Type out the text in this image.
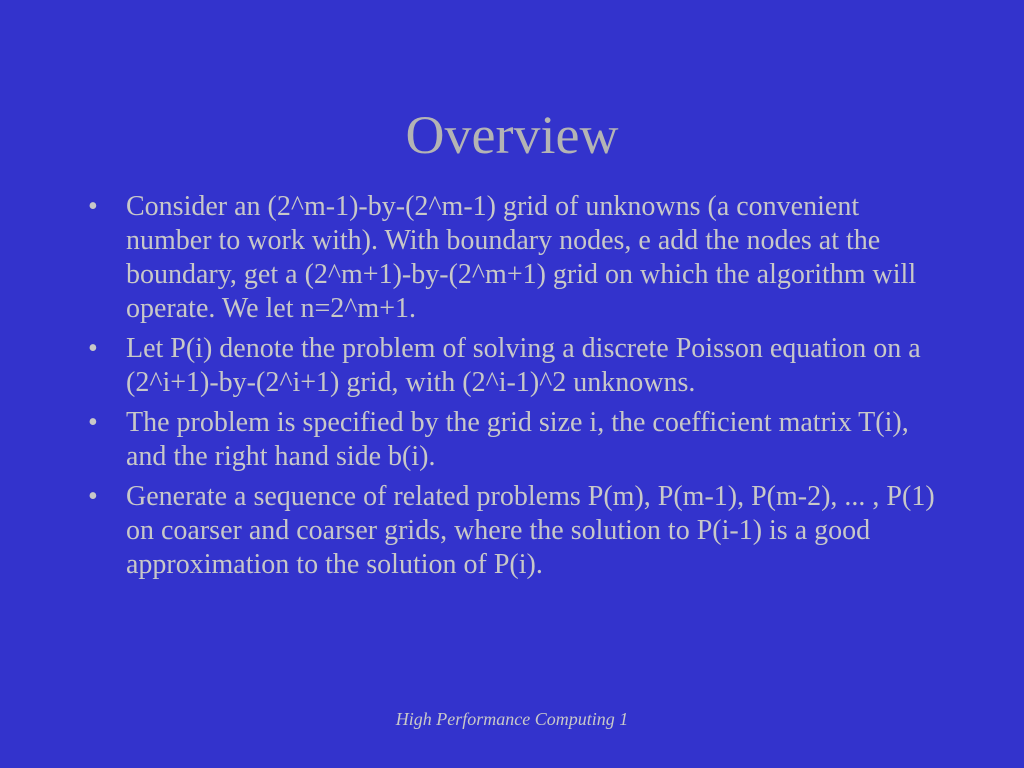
Overview
• Consider an (2^m-1)-by-(2^m-1) grid of unknowns (a convenient number to work with). With boundary nodes, e add the nodes at the boundary, get a (2^m+1)-by-(2^m+1) grid on which the algorithm will operate. We let n=2^m+1.
• Let P(i) denote the problem of solving a discrete Poisson equation on a (2^i+1)-by-(2^i+1) grid, with (2^i-1)^2 unknowns.
• The problem is specified by the grid size i, the coefficient matrix T(i), and the right hand side b(i).
• Generate a sequence of related problems P(m), P(m-1), P(m-2), ... , P(1) on coarser and coarser grids, where the solution to P(i-1) is a good approximation to the solution of P(i).
High Performance Computing 1
